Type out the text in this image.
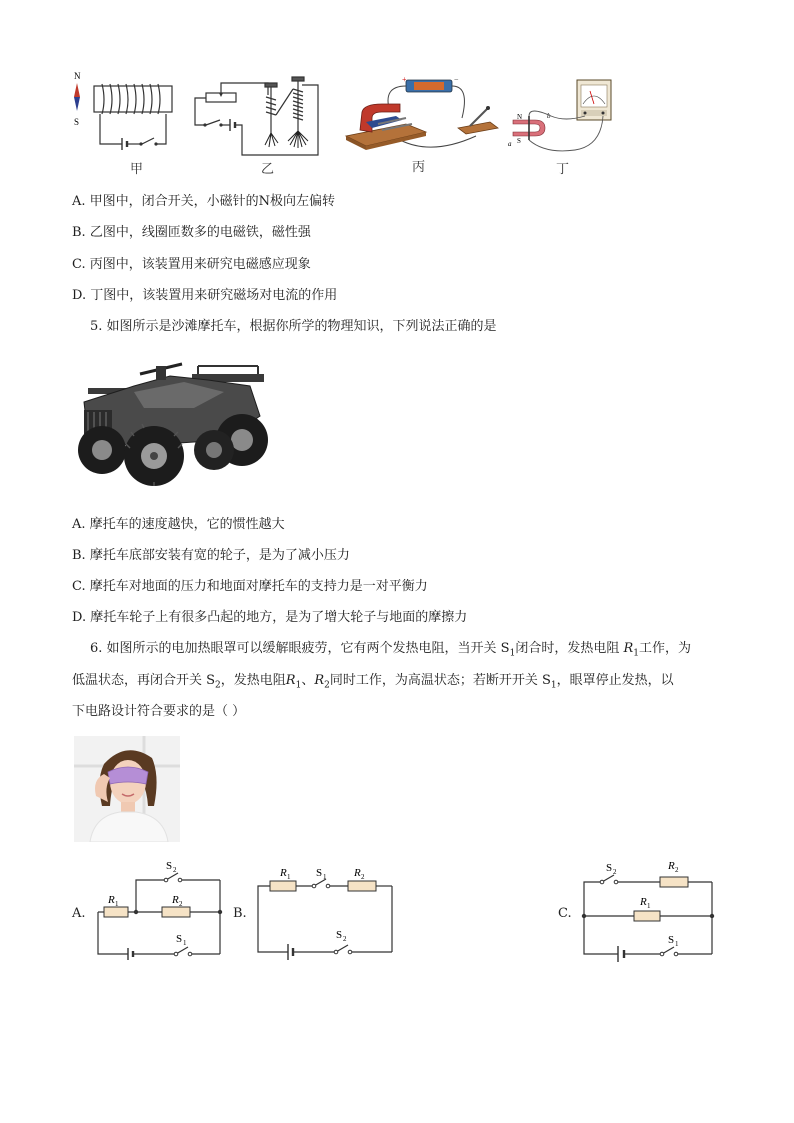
N
S
甲	乙
+	−
丙
N
S
a
b
丁
A. 甲图中，闭合开关，小磁针的N极向左偏转
B. 乙图中，线圈匝数多的电磁铁，磁性强
C. 丙图中，该装置用来研究电磁感应现象
D. 丁图中，该装置用来研究磁场对电流的作用
5. 如图所示是沙滩摩托车，根据你所学的物理知识，下列说法正确的是
A. 摩托车的速度越快，它的惯性越大
B. 摩托车底部安装有宽的轮子，是为了减小压力
C. 摩托车对地面的压力和地面对摩托车的支持力是一对平衡力
D. 摩托车轮子上有很多凸起的地方，是为了增大轮子与地面的摩擦力
6. 如图所示的电加热眼罩可以缓解眼疲劳，它有两个发热电阻，当开关 $S_1$闭合时，发热电阻 $R_1$工作，为
低温状态，再闭合开关 $S_2$，发热电阻$R_1$、$R_2$同时工作，为高温状态；若断开开关 $S_1$，眼罩停止发热，以
下电路设计符合要求的是（ ）
A.
S 2
R 1	R 2
S 1
B.
R 1 S 1	R 2
S 2
C.
S 2	R 2
R 1
S 1
